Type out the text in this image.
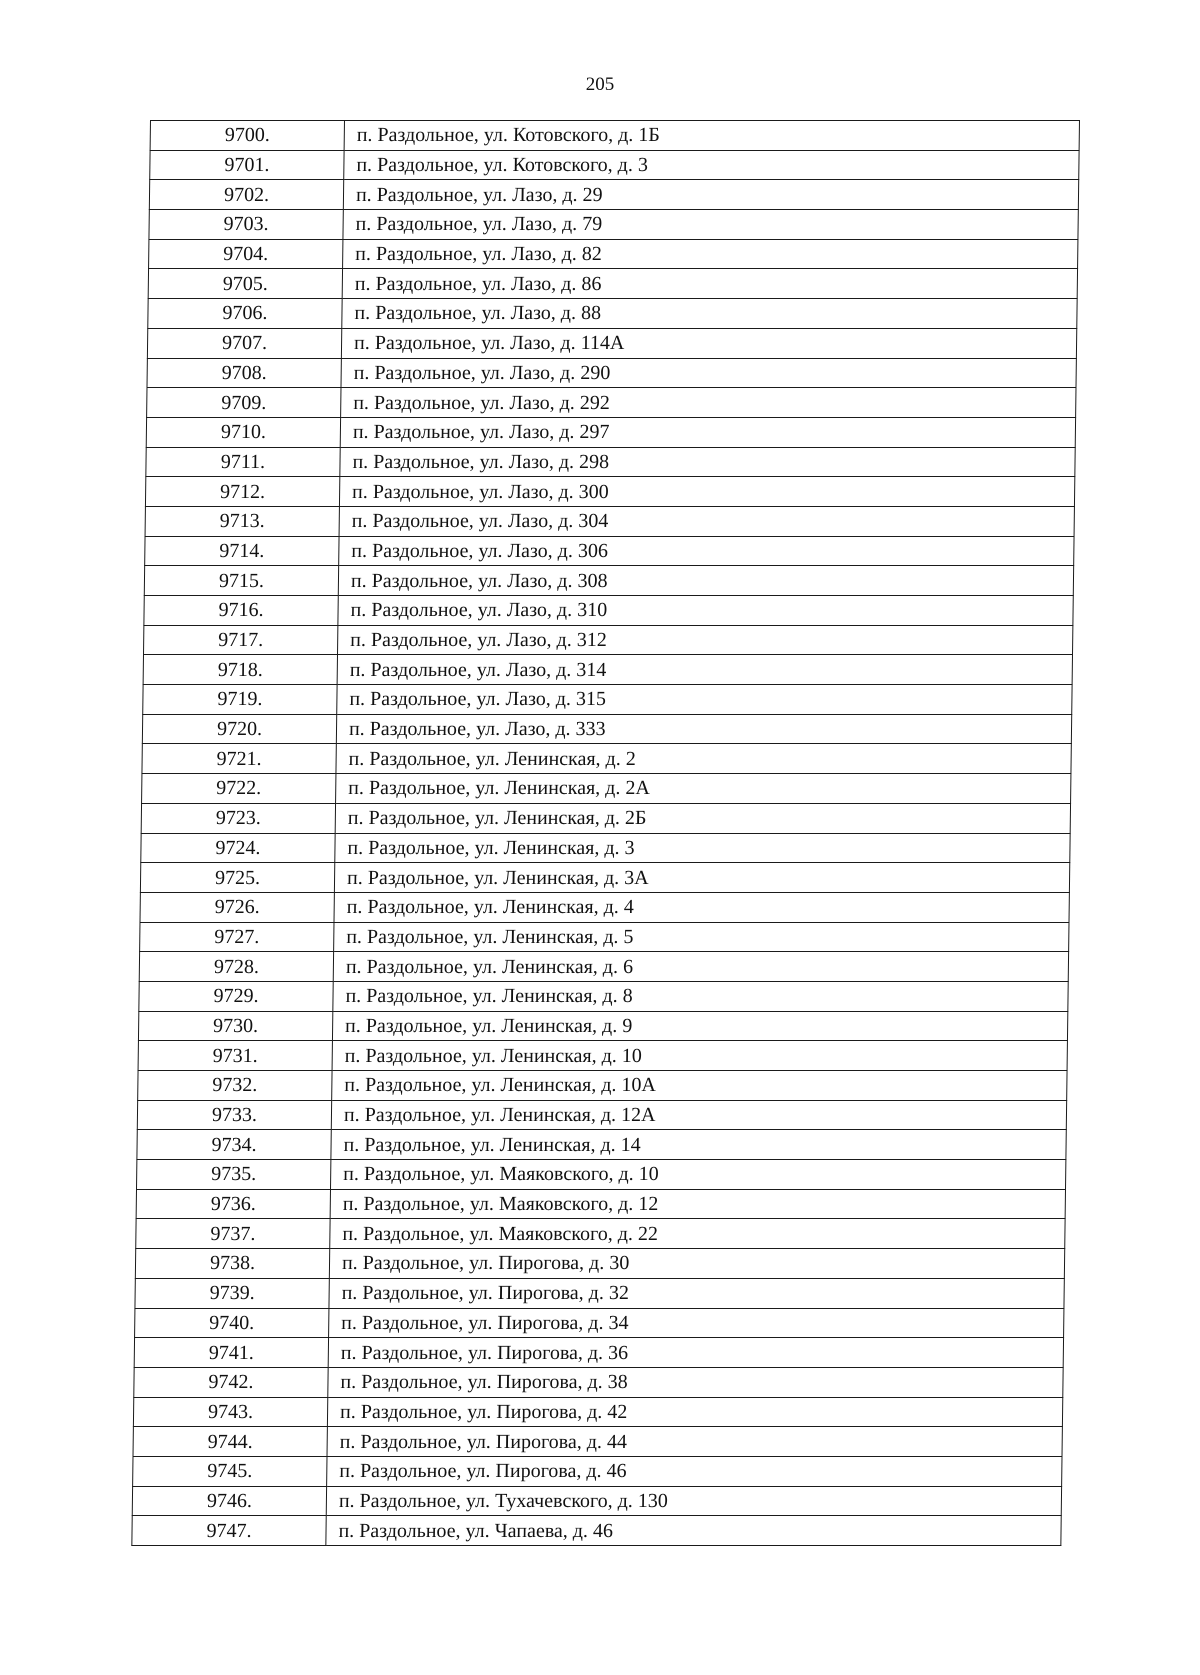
205
9700.	п. Раздольное, ул. Котовского, д. 1Б
9701.	п. Раздольное, ул. Котовского, д. 3
9702.	п. Раздольное, ул. Лазо, д. 29
9703.	п. Раздольное, ул. Лазо, д. 79
9704.	п. Раздольное, ул. Лазо, д. 82
9705.	п. Раздольное, ул. Лазо, д. 86
9706.	п. Раздольное, ул. Лазо, д. 88
9707.	п. Раздольное, ул. Лазо, д. 114А
9708.	п. Раздольное, ул. Лазо, д. 290
9709.	п. Раздольное, ул. Лазо, д. 292
9710.	п. Раздольное, ул. Лазо, д. 297
9711.	п. Раздольное, ул. Лазо, д. 298
9712.	п. Раздольное, ул. Лазо, д. 300
9713.	п. Раздольное, ул. Лазо, д. 304
9714.	п. Раздольное, ул. Лазо, д. 306
9715.	п. Раздольное, ул. Лазо, д. 308
9716.	п. Раздольное, ул. Лазо, д. 310
9717.	п. Раздольное, ул. Лазо, д. 312
9718.	п. Раздольное, ул. Лазо, д. 314
9719.	п. Раздольное, ул. Лазо, д. 315
9720.	п. Раздольное, ул. Лазо, д. 333
9721.	п. Раздольное, ул. Ленинская, д. 2
9722.	п. Раздольное, ул. Ленинская, д. 2А
9723.	п. Раздольное, ул. Ленинская, д. 2Б
9724.	п. Раздольное, ул. Ленинская, д. 3
9725.	п. Раздольное, ул. Ленинская, д. 3А
9726.	п. Раздольное, ул. Ленинская, д. 4
9727.	п. Раздольное, ул. Ленинская, д. 5
9728.	п. Раздольное, ул. Ленинская, д. 6
9729.	п. Раздольное, ул. Ленинская, д. 8
9730.	п. Раздольное, ул. Ленинская, д. 9
9731.	п. Раздольное, ул. Ленинская, д. 10
9732.	п. Раздольное, ул. Ленинская, д. 10А
9733.	п. Раздольное, ул. Ленинская, д. 12А
9734.	п. Раздольное, ул. Ленинская, д. 14
9735.	п. Раздольное, ул. Маяковского, д. 10
9736.	п. Раздольное, ул. Маяковского, д. 12
9737.	п. Раздольное, ул. Маяковского, д. 22
9738.	п. Раздольное, ул. Пирогова, д. 30
9739.	п. Раздольное, ул. Пирогова, д. 32
9740.	п. Раздольное, ул. Пирогова, д. 34
9741.	п. Раздольное, ул. Пирогова, д. 36
9742.	п. Раздольное, ул. Пирогова, д. 38
9743.	п. Раздольное, ул. Пирогова, д. 42
9744.	п. Раздольное, ул. Пирогова, д. 44
9745.	п. Раздольное, ул. Пирогова, д. 46
9746.	п. Раздольное, ул. Тухачевского, д. 130
9747.	п. Раздольное, ул. Чапаева, д. 46
